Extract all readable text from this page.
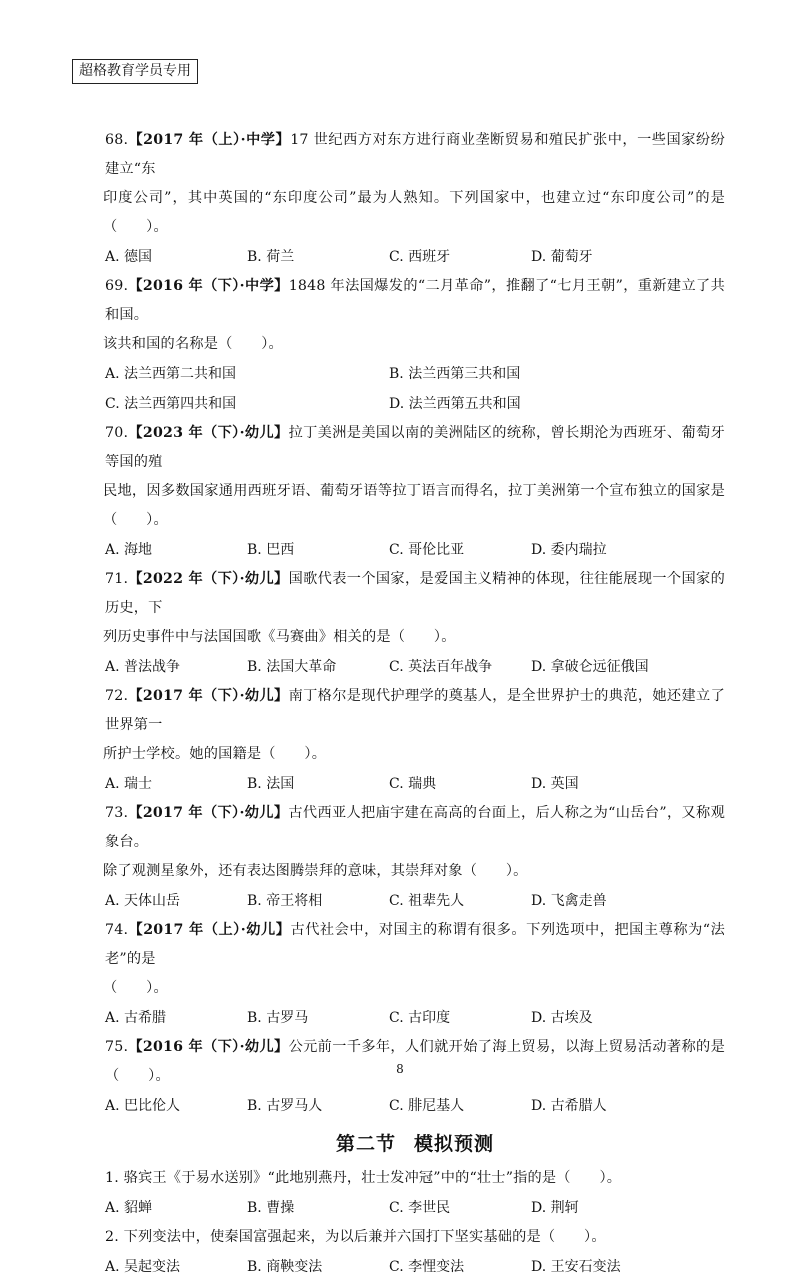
超格教育学员专用
68.【2017 年（上）·中学】17 世纪西方对东方进行商业垄断贸易和殖民扩张中，一些国家纷纷建立“东
印度公司”，其中英国的“东印度公司”最为人熟知。下列国家中，也建立过“东印度公司”的是（　　）。
A. 德国	B. 荷兰	C. 西班牙	D. 葡萄牙
69.【2016 年（下）·中学】1848 年法国爆发的“二月革命”，推翻了“七月王朝”，重新建立了共和国。
该共和国的名称是（　　）。
A. 法兰西第二共和国	B. 法兰西第三共和国
C. 法兰西第四共和国	D. 法兰西第五共和国
70.【2023 年（下）·幼儿】拉丁美洲是美国以南的美洲陆区的统称，曾长期沦为西班牙、葡萄牙等国的殖
民地，因多数国家通用西班牙语、葡萄牙语等拉丁语言而得名，拉丁美洲第一个宣布独立的国家是（　　）。
A. 海地	B. 巴西	C. 哥伦比亚	D. 委内瑞拉
71.【2022 年（下）·幼儿】国歌代表一个国家，是爱国主义精神的体现，往往能展现一个国家的历史，下
列历史事件中与法国国歌《马赛曲》相关的是（　　）。
A. 普法战争	B. 法国大革命	C. 英法百年战争	D. 拿破仑远征俄国
72.【2017 年（下）·幼儿】南丁格尔是现代护理学的奠基人，是全世界护士的典范，她还建立了世界第一
所护士学校。她的国籍是（　　）。
A. 瑞士	B. 法国	C. 瑞典	D. 英国
73.【2017 年（下）·幼儿】古代西亚人把庙宇建在高高的台面上，后人称之为“山岳台”，又称观象台。
除了观测星象外，还有表达图腾崇拜的意味，其崇拜对象（　　）。
A. 天体山岳	B. 帝王将相	C. 祖辈先人	D. 飞禽走兽
74.【2017 年（上）·幼儿】古代社会中，对国主的称谓有很多。下列选项中，把国主尊称为“法老”的是
（　　）。
A. 古希腊	B. 古罗马	C. 古印度	D. 古埃及
75.【2016 年（下）·幼儿】公元前一千多年，人们就开始了海上贸易，以海上贸易活动著称的是（　　）。
A. 巴比伦人	B. 古罗马人	C. 腓尼基人	D. 古希腊人
第二节 模拟预测
1. 骆宾王《于易水送别》“此地别燕丹，壮士发冲冠”中的“壮士”指的是（　　）。
A. 貂蝉	B. 曹操	C. 李世民	D. 荆轲
2. 下列变法中，使秦国富强起来，为以后兼并六国打下坚实基础的是（　　）。
A. 吴起变法	B. 商鞅变法	C. 李悝变法	D. 王安石变法
8
